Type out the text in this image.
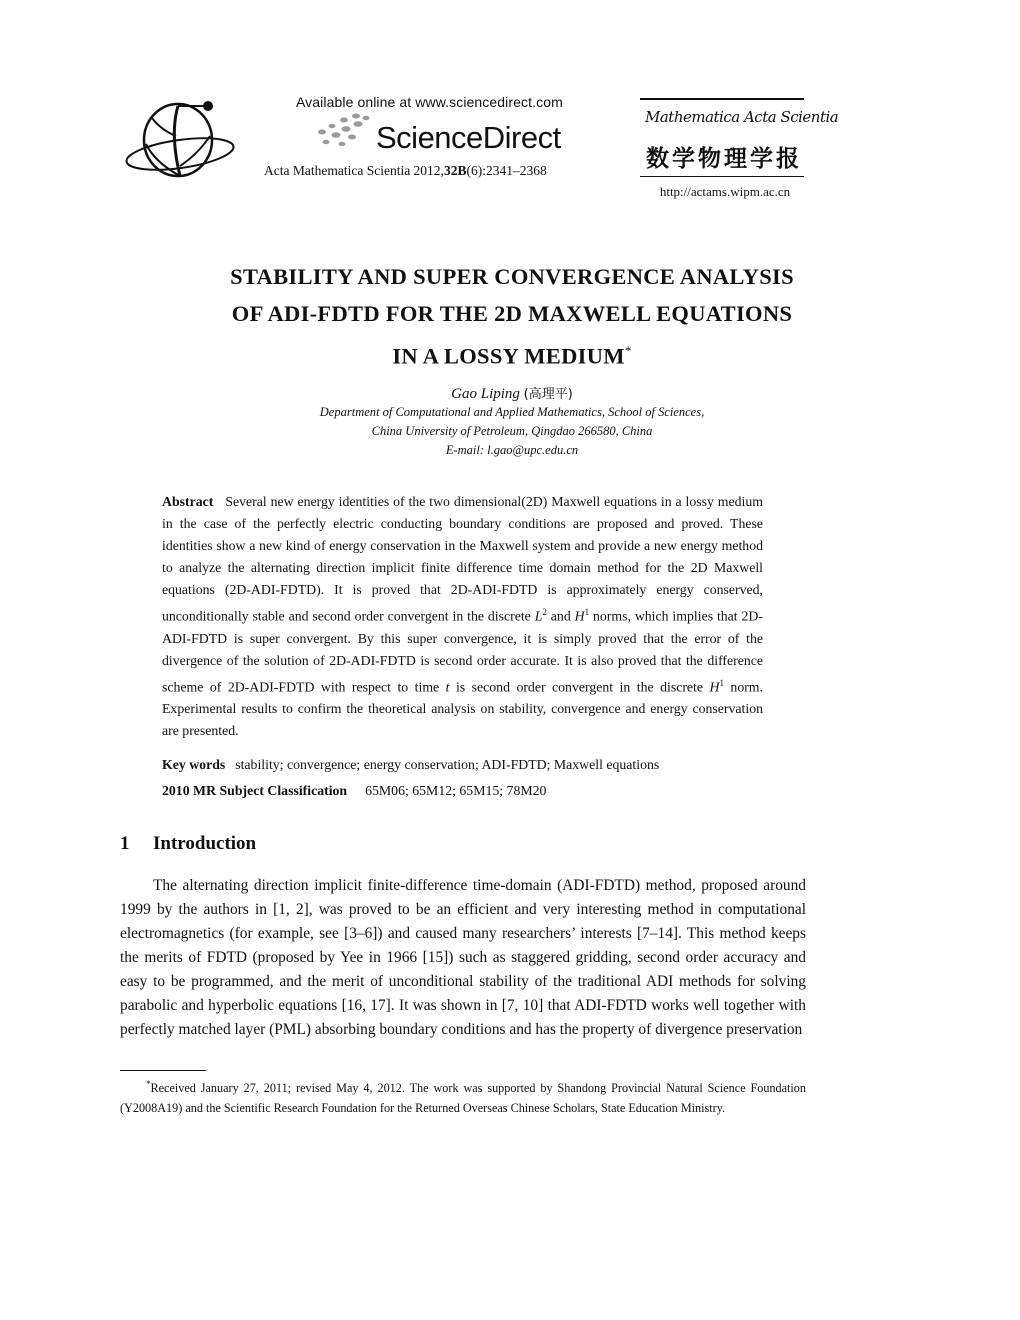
Available online at www.sciencedirect.com
ScienceDirect
Acta Mathematica Scientia 2012,32B(6):2341–2368
Mathematica Acta Scientia
数学物理学报
http://actams.wipm.ac.cn
STABILITY AND SUPER CONVERGENCE ANALYSIS
OF ADI-FDTD FOR THE 2D MAXWELL EQUATIONS
IN A LOSSY MEDIUM*
Gao Liping (高理平)
Department of Computational and Applied Mathematics, School of Sciences,
China University of Petroleum, Qingdao 266580, China
E-mail: l.gao@upc.edu.cn
Abstract Several new energy identities of the two dimensional(2D) Maxwell equations in a lossy medium in the case of the perfectly electric conducting boundary conditions are proposed and proved. These identities show a new kind of energy conservation in the Maxwell system and provide a new energy method to analyze the alternating direction implicit finite difference time domain method for the 2D Maxwell equations (2D-ADI-FDTD). It is proved that 2D-ADI-FDTD is approximately energy conserved, unconditionally stable and second order convergent in the discrete $L^2$ and $H^1$ norms, which implies that 2D-ADI-FDTD is super convergent. By this super convergence, it is simply proved that the error of the divergence of the solution of 2D-ADI-FDTD is second order accurate. It is also proved that the difference scheme of 2D-ADI-FDTD with respect to time t is second order convergent in the discrete $H^1$ norm. Experimental results to confirm the theoretical analysis on stability, convergence and energy conservation are presented.
Key words stability; convergence; energy conservation; ADI-FDTD; Maxwell equations
2010 MR Subject Classification 65M06; 65M12; 65M15; 78M20
1 Introduction
The alternating direction implicit finite-difference time-domain (ADI-FDTD) method, proposed around 1999 by the authors in [1, 2], was proved to be an efficient and very interesting method in computational electromagnetics (for example, see [3–6]) and caused many researchers’ interests [7–14]. This method keeps the merits of FDTD (proposed by Yee in 1966 [15]) such as staggered gridding, second order accuracy and easy to be programmed, and the merit of unconditional stability of the traditional ADI methods for solving parabolic and hyperbolic equations [16, 17]. It was shown in [7, 10] that ADI-FDTD works well together with perfectly matched layer (PML) absorbing boundary conditions and has the property of divergence preservation
*Received January 27, 2011; revised May 4, 2012. The work was supported by Shandong Provincial Natural Science Foundation (Y2008A19) and the Scientific Research Foundation for the Returned Overseas Chinese Scholars, State Education Ministry.
